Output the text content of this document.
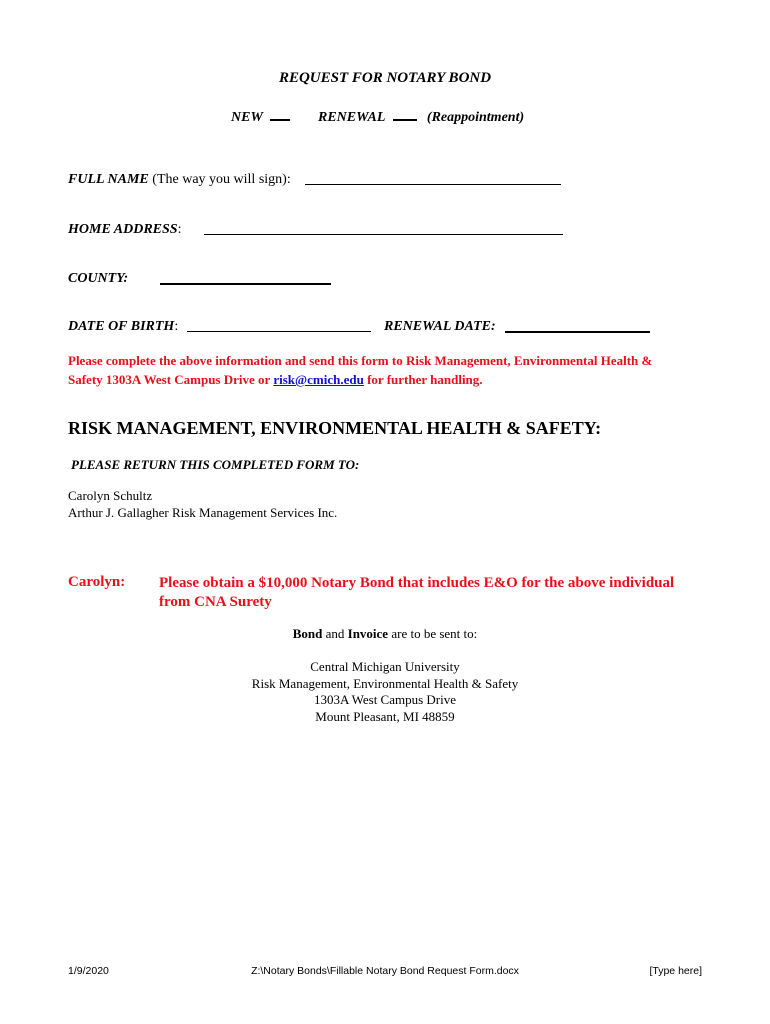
REQUEST FOR NOTARY BOND
NEW	RENEWAL	(Reappointment)
FULL NAME (The way you will sign):
HOME ADDRESS:
COUNTY:
DATE OF BIRTH:	RENEWAL DATE:
Please complete the above information and send this form to Risk Management, Environmental Health &
Safety 1303A West Campus Drive or risk@cmich.edu for further handling.
RISK MANAGEMENT, ENVIRONMENTAL HEALTH & SAFETY:
PLEASE RETURN THIS COMPLETED FORM TO:
Carolyn Schultz
Arthur J. Gallagher Risk Management Services Inc.
Carolyn: Please obtain a $10,000 Notary Bond that includes E&O for the above individual
from CNA Surety
Bond and Invoice are to be sent to:
Central Michigan University
Risk Management, Environmental Health & Safety
1303A West Campus Drive
Mount Pleasant, MI 48859
1/9/2020	Z:\Notary Bonds\Fillable Notary Bond Request Form.docx	[Type here]
